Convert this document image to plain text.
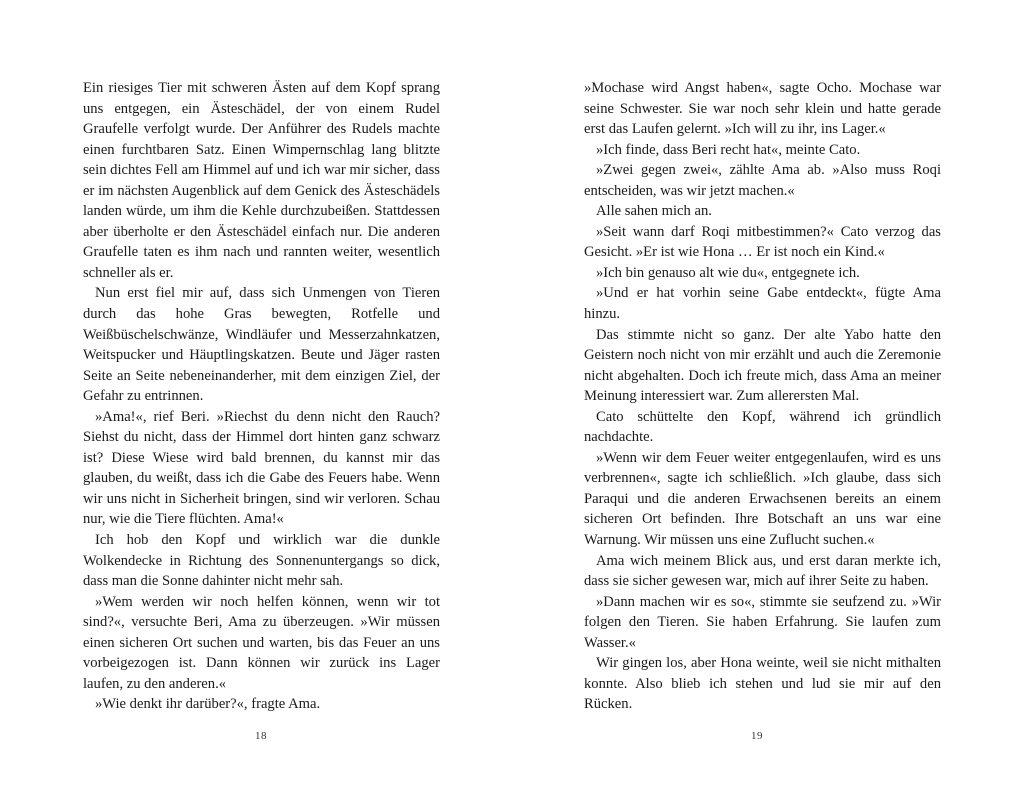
Ein riesiges Tier mit schweren Ästen auf dem Kopf sprang uns entgegen, ein Ästeschädel, der von einem Rudel Graufelle verfolgt wurde. Der Anführer des Rudels machte einen furchtbaren Satz. Einen Wimpernschlag lang blitzte sein dichtes Fell am Himmel auf und ich war mir sicher, dass er im nächsten Augenblick auf dem Genick des Ästeschädels landen würde, um ihm die Kehle durchzubeißen. Stattdessen aber überholte er den Ästeschädel einfach nur. Die anderen Graufelle taten es ihm nach und rannten weiter, wesentlich schneller als er.

Nun erst fiel mir auf, dass sich Unmengen von Tieren durch das hohe Gras bewegten, Rotfelle und Weißbüschelschwänze, Windläufer und Messerzahnkatzen, Weitspucker und Häuptlingskatzen. Beute und Jäger rasten Seite an Seite nebeneinanderher, mit dem einzigen Ziel, der Gefahr zu entrinnen.

»Ama!«, rief Beri. »Riechst du denn nicht den Rauch? Siehst du nicht, dass der Himmel dort hinten ganz schwarz ist? Diese Wiese wird bald brennen, du kannst mir das glauben, du weißt, dass ich die Gabe des Feuers habe. Wenn wir uns nicht in Sicherheit bringen, sind wir verloren. Schau nur, wie die Tiere flüchten. Ama!«

Ich hob den Kopf und wirklich war die dunkle Wolkendecke in Richtung des Sonnenuntergangs so dick, dass man die Sonne dahinter nicht mehr sah.

»Wem werden wir noch helfen können, wenn wir tot sind?«, versuchte Beri, Ama zu überzeugen. »Wir müssen einen sicheren Ort suchen und warten, bis das Feuer an uns vorbeigezogen ist. Dann können wir zurück ins Lager laufen, zu den anderen.«

»Wie denkt ihr darüber?«, fragte Ama.

»Mochase wird Angst haben«, sagte Ocho. Mochase war seine Schwester. Sie war noch sehr klein und hatte gerade erst das Laufen gelernt. »Ich will zu ihr, ins Lager.«

»Ich finde, dass Beri recht hat«, meinte Cato.

»Zwei gegen zwei«, zählte Ama ab. »Also muss Roqi entscheiden, was wir jetzt machen.«

Alle sahen mich an.

»Seit wann darf Roqi mitbestimmen?« Cato verzog das Gesicht. »Er ist wie Hona … Er ist noch ein Kind.«

»Ich bin genauso alt wie du«, entgegnete ich.

»Und er hat vorhin seine Gabe entdeckt«, fügte Ama hinzu.

Das stimmte nicht so ganz. Der alte Yabo hatte den Geistern noch nicht von mir erzählt und auch die Zeremonie nicht abgehalten. Doch ich freute mich, dass Ama an meiner Meinung interessiert war. Zum allerersten Mal.

Cato schüttelte den Kopf, während ich gründlich nachdachte.

»Wenn wir dem Feuer weiter entgegenlaufen, wird es uns verbrennen«, sagte ich schließlich. »Ich glaube, dass sich Paraqui und die anderen Erwachsenen bereits an einem sicheren Ort befinden. Ihre Botschaft an uns war eine Warnung. Wir müssen uns eine Zuflucht suchen.«

Ama wich meinem Blick aus, und erst daran merkte ich, dass sie sicher gewesen war, mich auf ihrer Seite zu haben.

»Dann machen wir es so«, stimmte sie seufzend zu. »Wir folgen den Tieren. Sie haben Erfahrung. Sie laufen zum Wasser.«

Wir gingen los, aber Hona weinte, weil sie nicht mithalten konnte. Also blieb ich stehen und lud sie mir auf den Rücken.

18	19
